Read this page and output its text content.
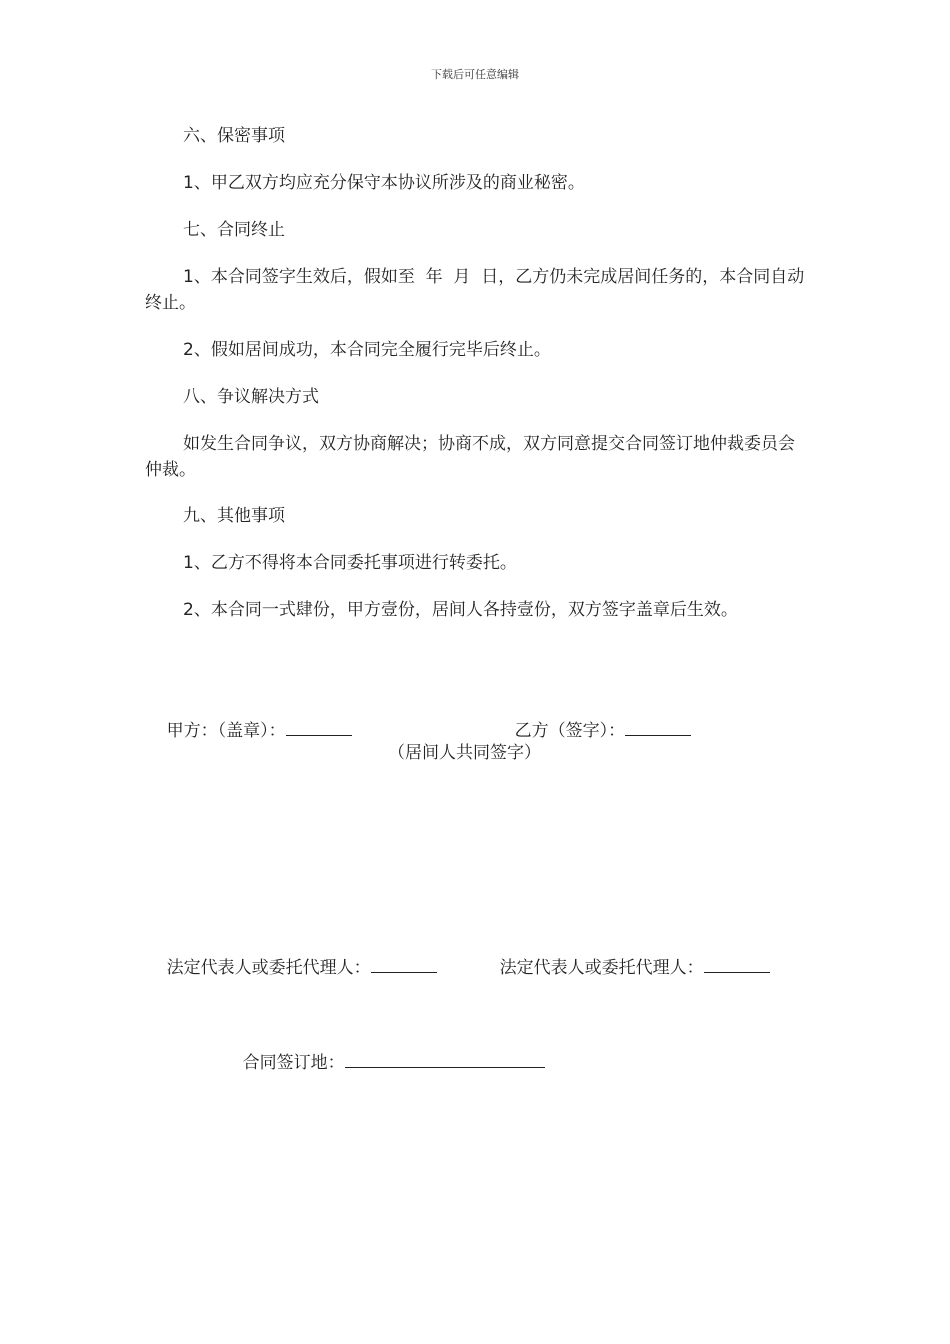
下载后可任意编辑
六、保密事项
1、甲乙双方均应充分保守本协议所涉及的商业秘密。
七、合同终止
1、本合同签字生效后，假如至  年  月  日，乙方仍未完成居间任务的，本合同自动终止。
2、假如居间成功，本合同完全履行完毕后终止。
八、争议解决方式
如发生合同争议，双方协商解决；协商不成，双方同意提交合同签订地仲裁委员会仲裁。
九、其他事项
1、乙方不得将本合同委托事项进行转委托。
2、本合同一式肆份，甲方壹份，居间人各持壹份，双方签字盖章后生效。

甲方：（盖章）：
	乙方（签字）：

（居间人共同签字）

法定代表人或委托代理人：
	法定代表人或委托代理人：

合同签订地：
